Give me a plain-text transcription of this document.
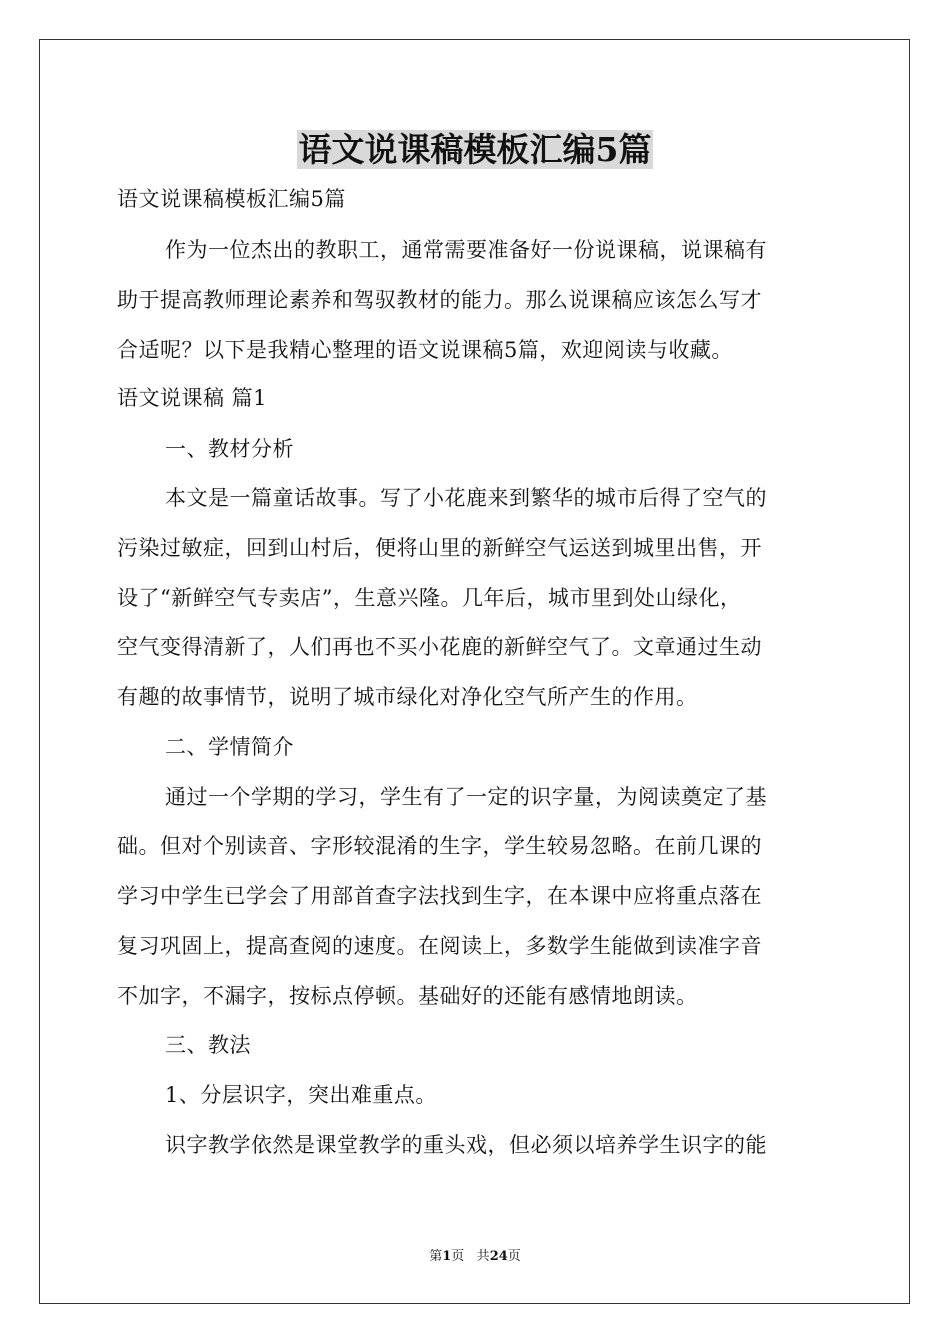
语文说课稿模板汇编5篇

语文说课稿模板汇编5篇

作为一位杰出的教职工，通常需要准备好一份说课稿，说课稿有

助于提高教师理论素养和驾驭教材的能力。那么说课稿应该怎么写才

合适呢？以下是我精心整理的语文说课稿5篇，欢迎阅读与收藏。

语文说课稿 篇1

一、教材分析

本文是一篇童话故事。写了小花鹿来到繁华的城市后得了空气的

污染过敏症，回到山村后，便将山里的新鲜空气运送到城里出售，开

设了“新鲜空气专卖店”，生意兴隆。几年后，城市里到处山绿化，

空气变得清新了，人们再也不买小花鹿的新鲜空气了。文章通过生动

有趣的故事情节，说明了城市绿化对净化空气所产生的作用。

二、学情简介

通过一个学期的学习，学生有了一定的识字量，为阅读奠定了基

础。但对个别读音、字形较混淆的生字，学生较易忽略。在前几课的

学习中学生已学会了用部首查字法找到生字，在本课中应将重点落在

复习巩固上，提高查阅的速度。在阅读上，多数学生能做到读准字音

不加字，不漏字，按标点停顿。基础好的还能有感情地朗读。

三、教法

1、分层识字，突出难重点。

识字教学依然是课堂教学的重头戏，但必须以培养学生识字的能

第1页 共24页
